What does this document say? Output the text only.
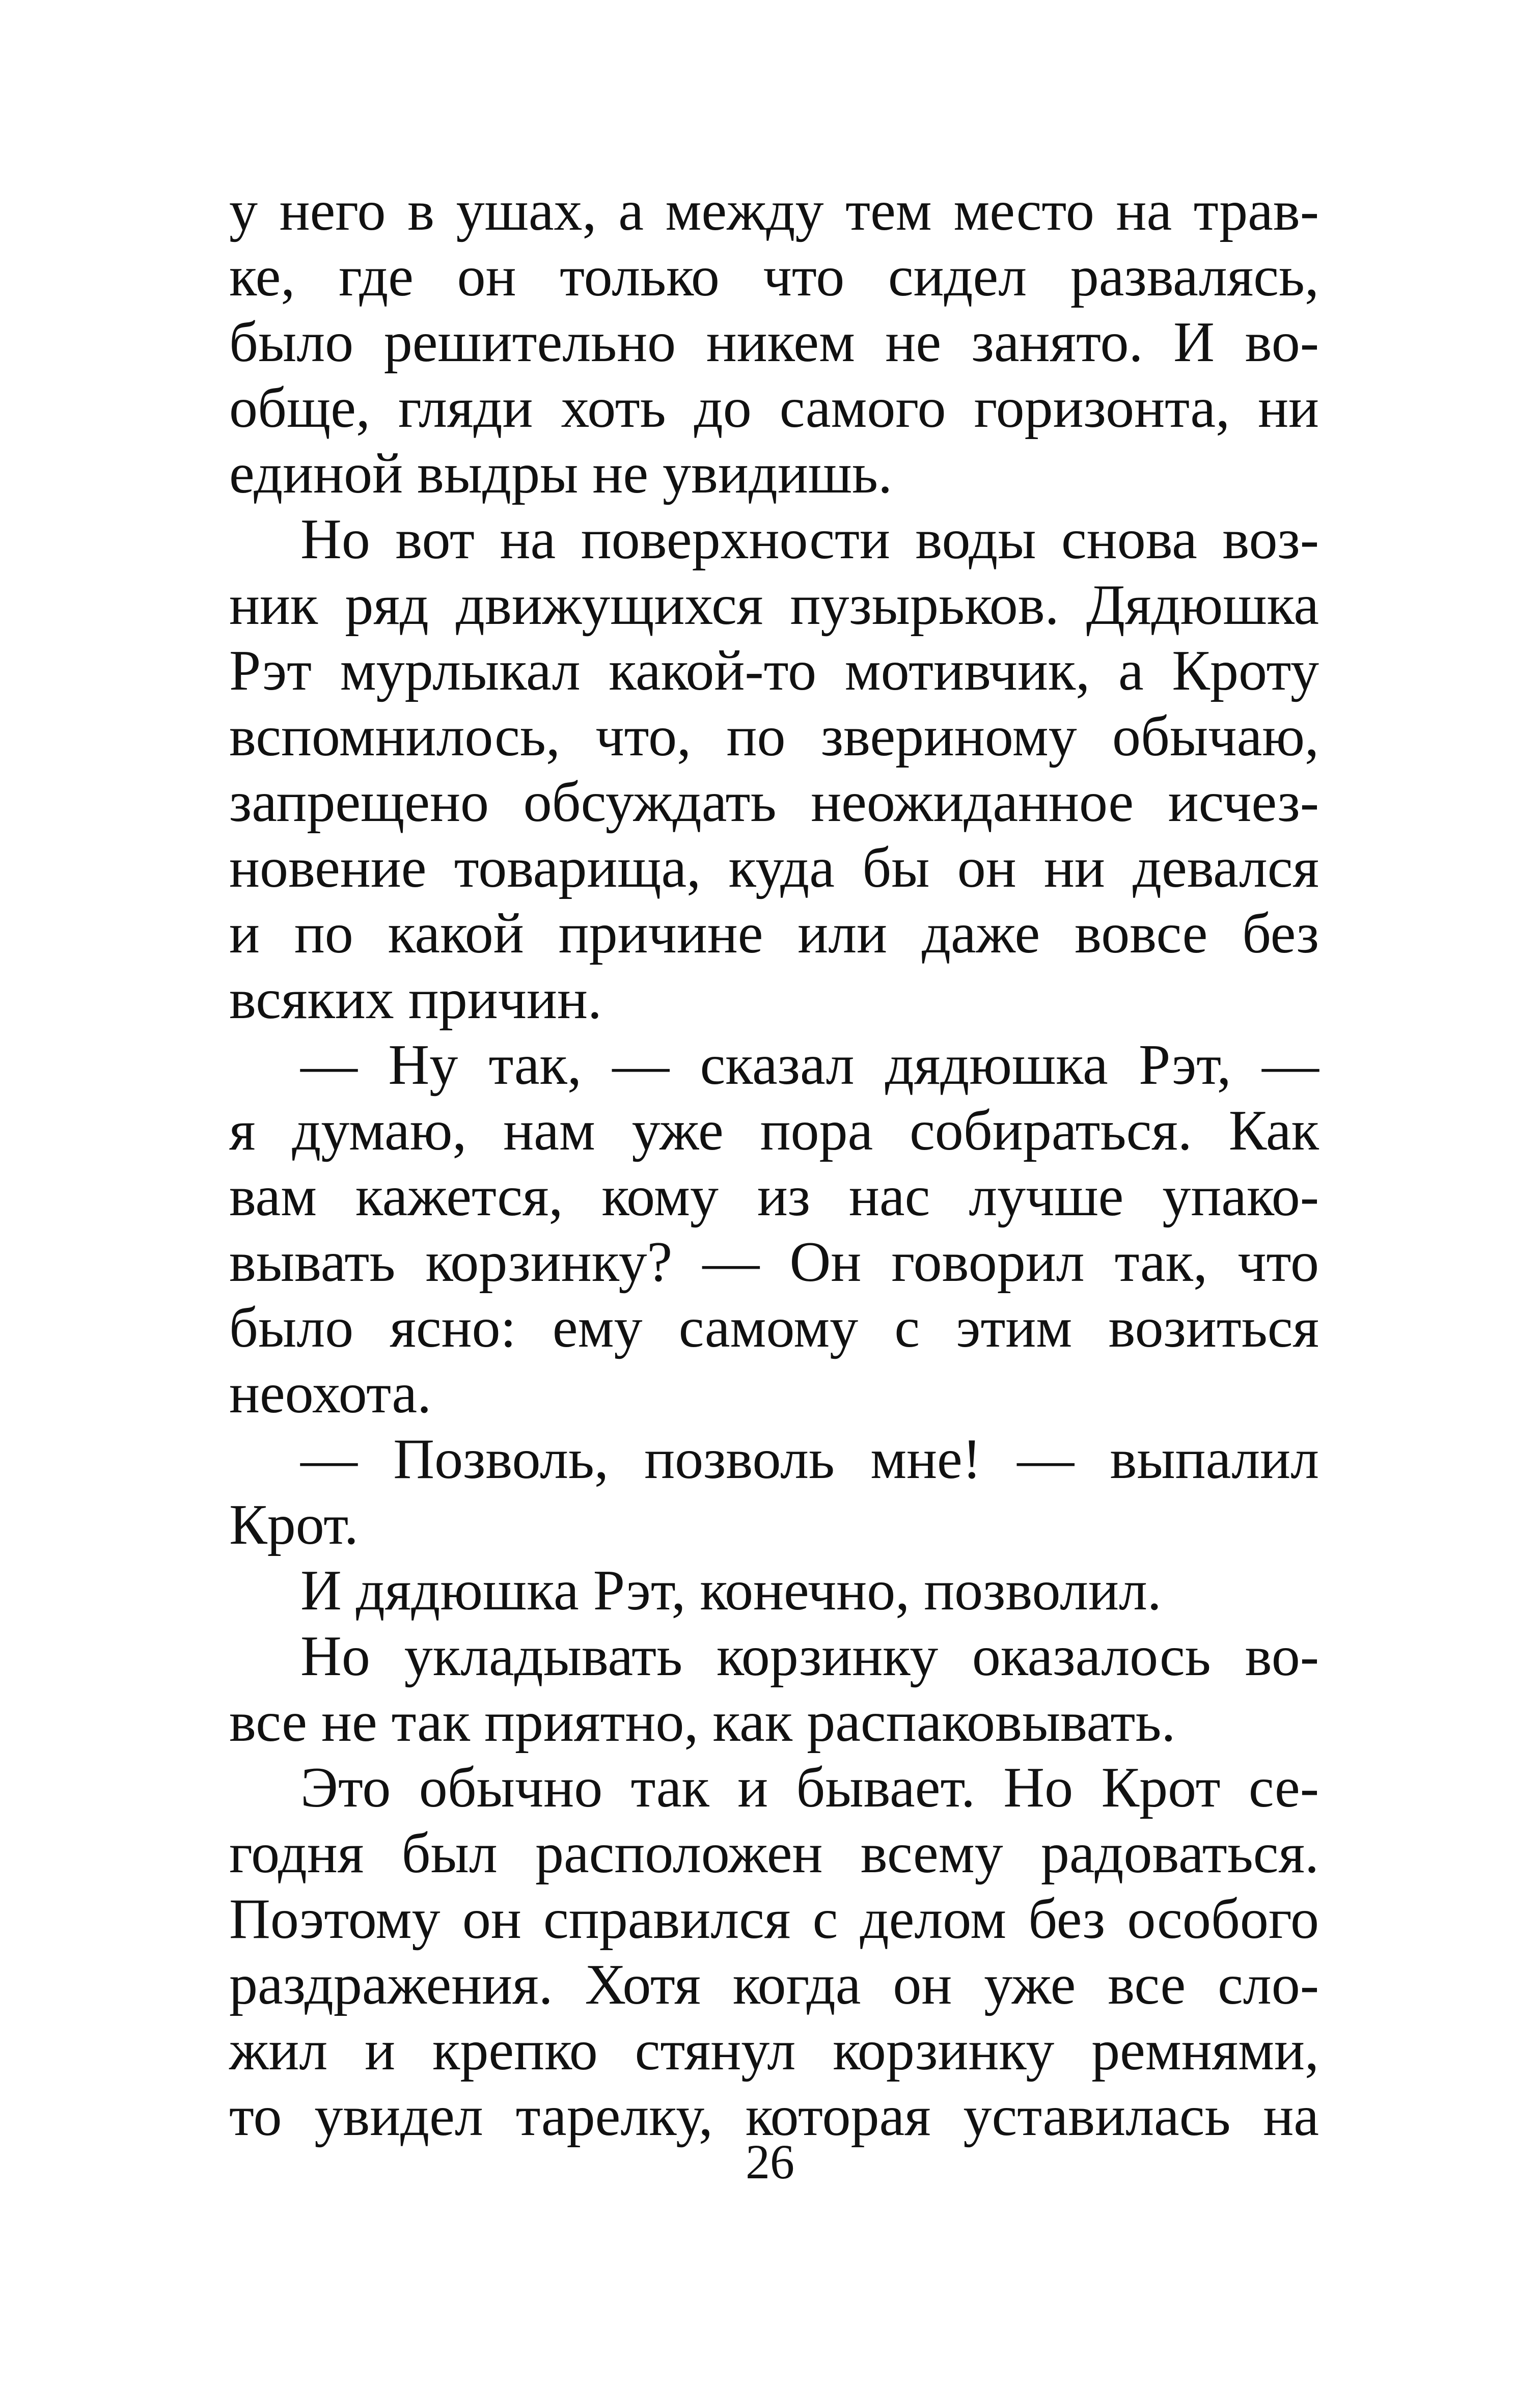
у него в ушах, а между тем место на трав-
ке, где он только что сидел развалясь,
было решительно никем не занято. И во-
обще, гляди хоть до самого горизонта, ни
единой выдры не увидишь.
Но вот на поверхности воды снова воз-
ник ряд движущихся пузырьков. Дядюшка
Рэт мурлыкал какой-то мотивчик, а Кроту
вспомнилось, что, по звериному обычаю,
запрещено обсуждать неожиданное исчез-
новение товарища, куда бы он ни девался
и по какой причине или даже вовсе без
всяких причин.
— Ну так, — сказал дядюшка Рэт, —
я думаю, нам уже пора собираться. Как
вам кажется, кому из нас лучше упако-
вывать корзинку? — Он говорил так, что
было ясно: ему самому с этим возиться
неохота.
— Позволь, позволь мне! — выпалил
Крот.
И дядюшка Рэт, конечно, позволил.
Но укладывать корзинку оказалось во-
все не так приятно, как распаковывать.
Это обычно так и бывает. Но Крот се-
годня был расположен всему радоваться.
Поэтому он справился с делом без особого
раздражения. Хотя когда он уже все сло-
жил и крепко стянул корзинку ремнями,
то увидел тарелку, которая уставилась на
26
